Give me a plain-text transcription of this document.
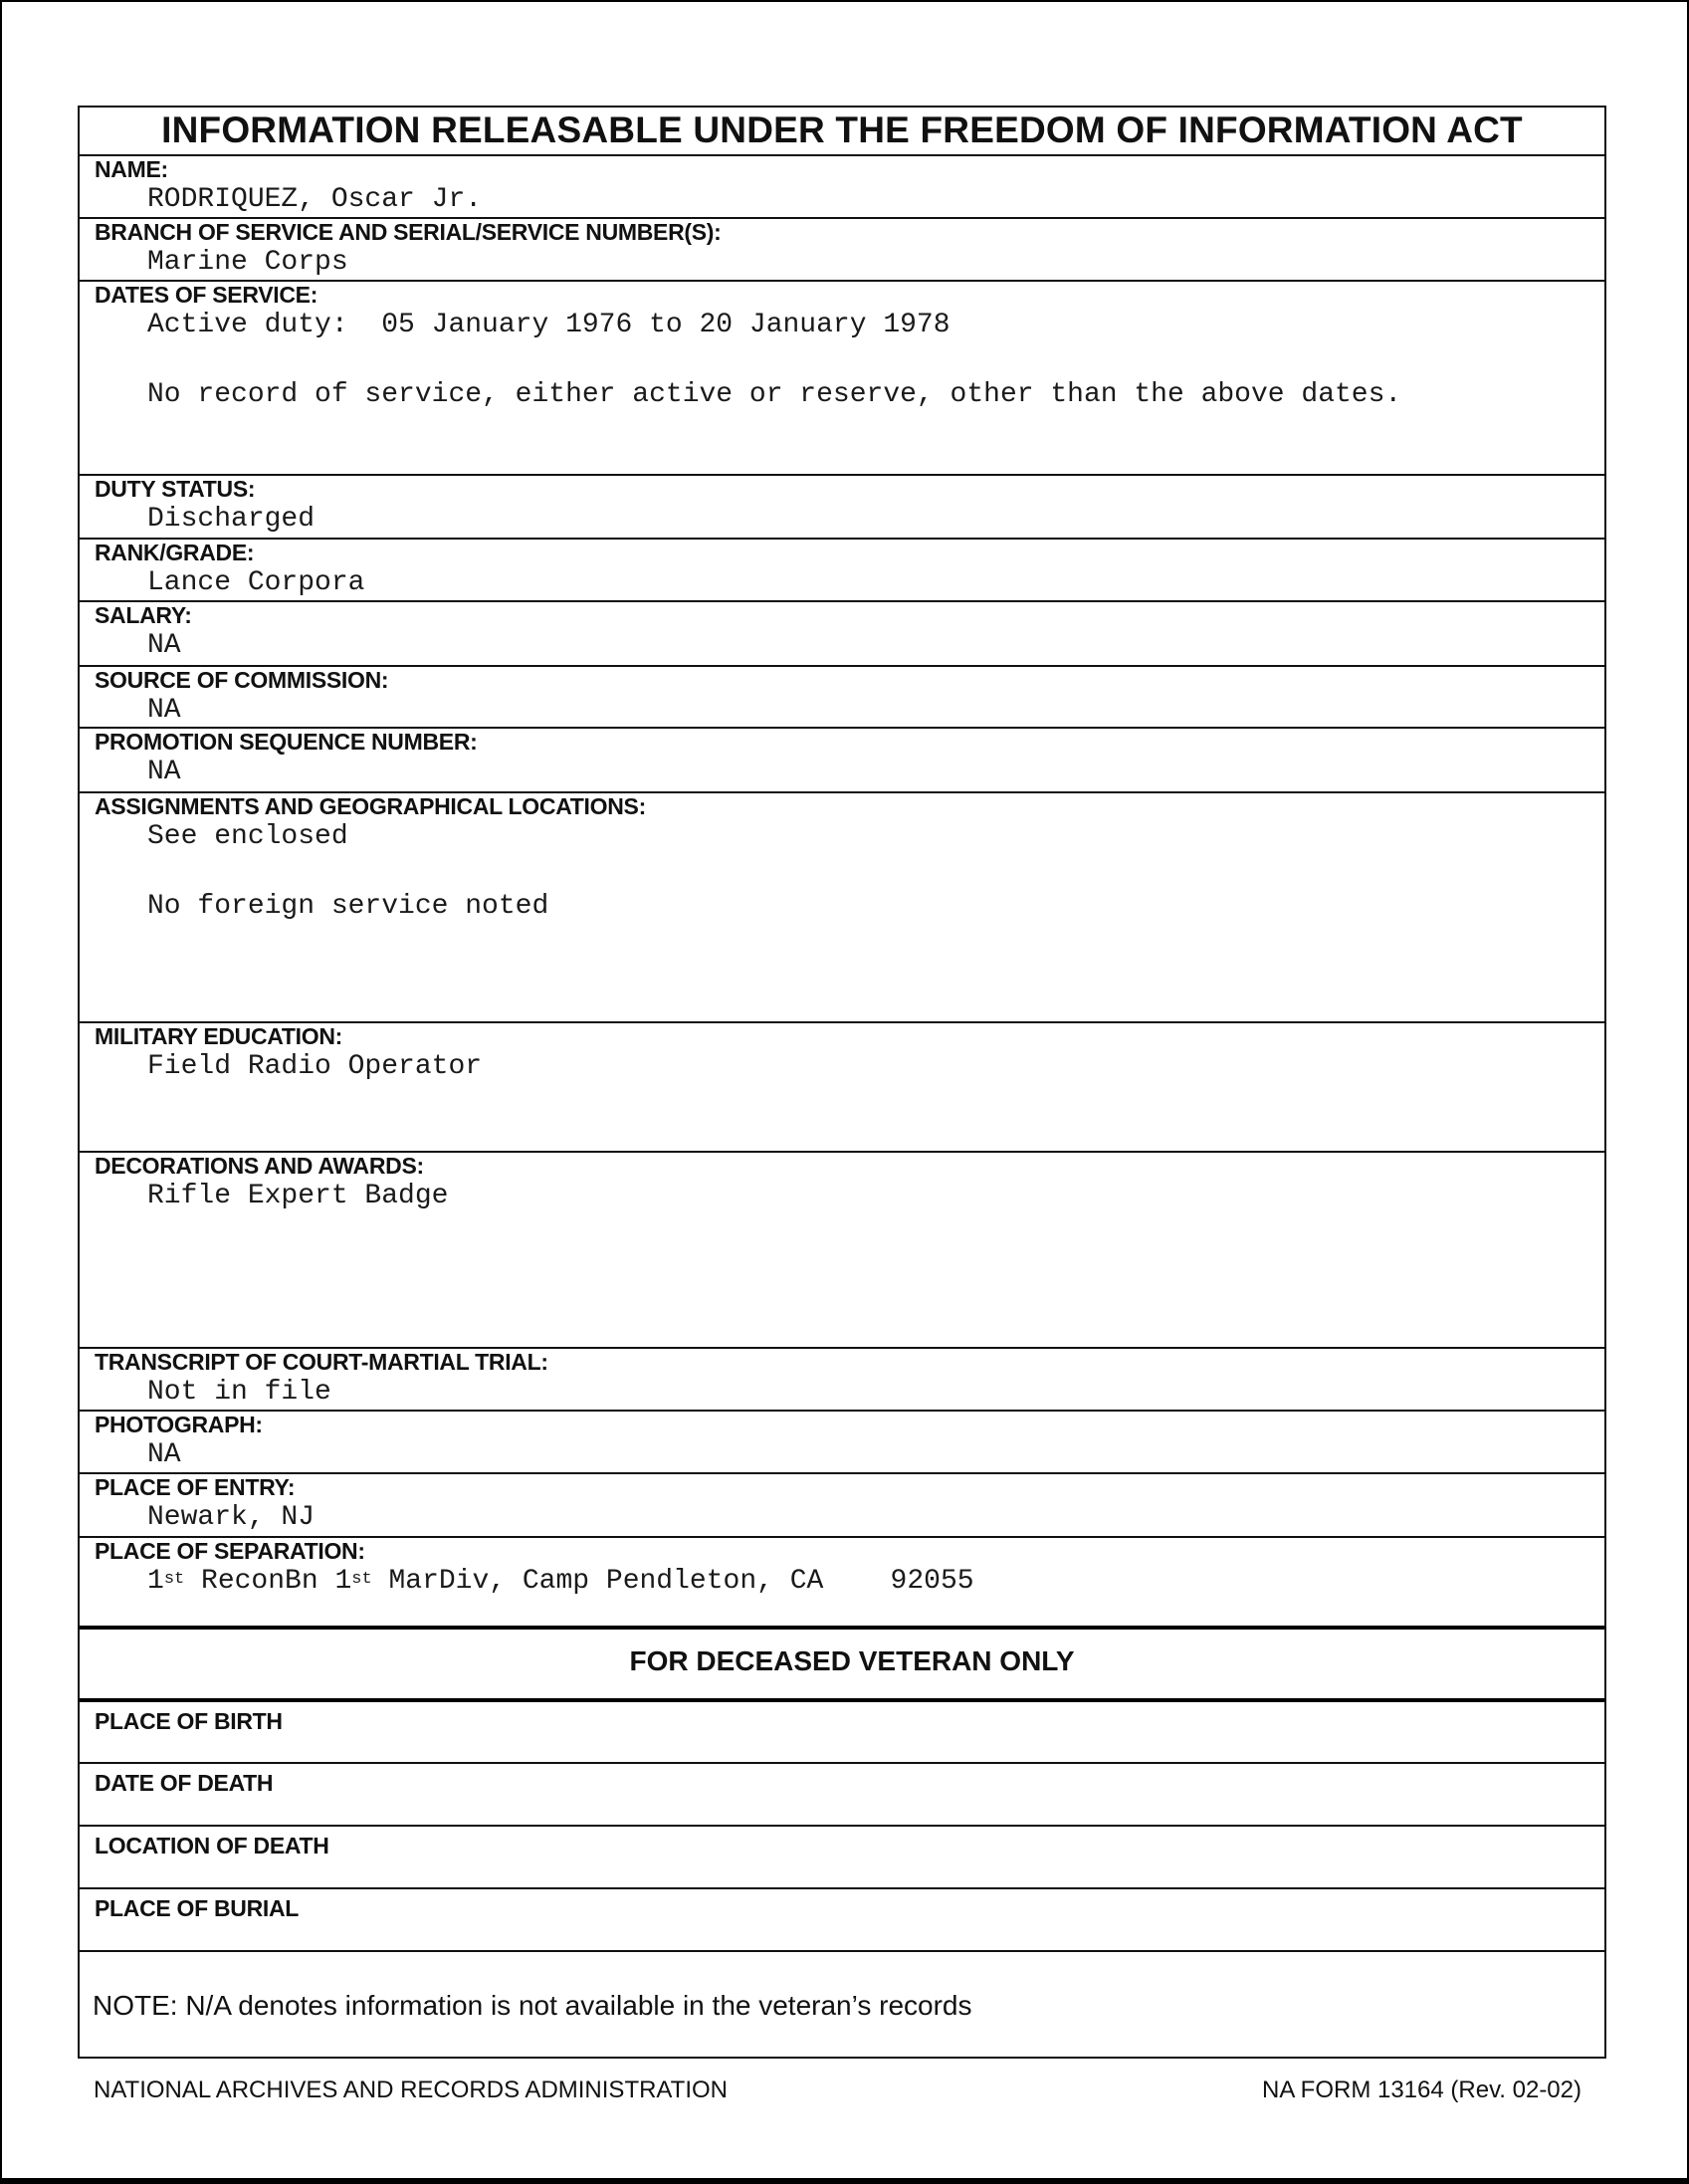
INFORMATION RELEASABLE UNDER THE FREEDOM OF INFORMATION ACT
NAME:
RODRIQUEZ, Oscar Jr.
BRANCH OF SERVICE AND SERIAL/SERVICE NUMBER(S):
Marine Corps
DATES OF SERVICE:
Active duty:  05 January 1976 to 20 January 1978
No record of service, either active or reserve, other than the above dates.
DUTY STATUS:
Discharged
RANK/GRADE:
Lance Corpora
SALARY:
NA
SOURCE OF COMMISSION:
NA
PROMOTION SEQUENCE NUMBER:
NA
ASSIGNMENTS AND GEOGRAPHICAL LOCATIONS:
See enclosed
No foreign service noted
MILITARY EDUCATION:
Field Radio Operator
DECORATIONS AND AWARDS:
Rifle Expert Badge
TRANSCRIPT OF COURT-MARTIAL TRIAL:
Not in file
PHOTOGRAPH:
NA
PLACE OF ENTRY:
Newark, NJ
PLACE OF SEPARATION:
1st ReconBn 1st MarDiv, Camp Pendleton, CA    92055
FOR DECEASED VETERAN ONLY
PLACE OF BIRTH
DATE OF DEATH
LOCATION OF DEATH
PLACE OF BURIAL
NOTE: N/A denotes information is not available in the veteran’s records
NATIONAL ARCHIVES AND RECORDS ADMINISTRATION	NA FORM 13164 (Rev. 02-02)
